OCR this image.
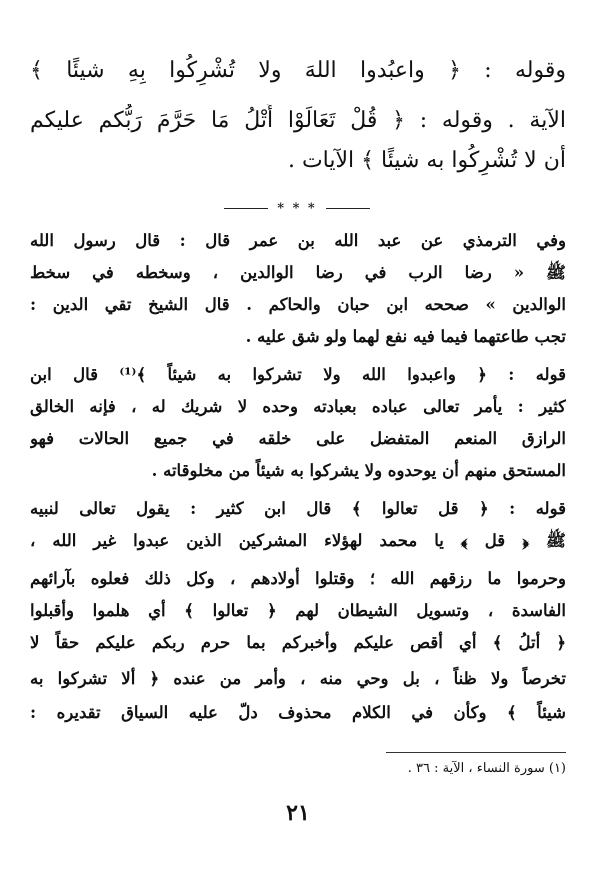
وقوله : ﴿ واعبُدوا اللهَ ولا تُشْرِكُوا بِهِ شيئًا ﴾
الآية . وقوله : ﴿ قُلْ تَعَالَوْا أَتْلُ مَا حَرَّمَ رَبُّكم عليكم
أن لا تُشْرِكُوا به شيئًا ﴾ الآيات .
* * *
وفي الترمذي عن عبد الله بن عمر قال : قال رسول الله
ﷺ « رضا الرب في رضا الوالدين ، وسخطه في سخط
الوالدين » صححه ابن حبان والحاكم . قال الشيخ تقي الدين :
تجب طاعتهما فيما فيه نفع لهما ولو شق عليه .
قوله : ﴿ واعبدوا الله ولا تشركوا به شيئاً ﴾⁽¹⁾ قال ابن
كثير : يأمر تعالى عباده بعبادته وحده لا شريك له ، فإنه الخالق
الرازق المنعم المتفضل على خلقه في جميع الحالات فهو
المستحق منهم أن يوحدوه ولا يشركوا به شيئاً من مخلوقاته .
قوله : ﴿ قل تعالوا ﴾ قال ابن كثير : يقول تعالى لنبيه
ﷺ ﴿ قل ﴾ يا محمد لهؤلاء المشركين الذين عبدوا غير الله ،
وحرموا ما رزقهم الله ؛ وقتلوا أولادهم ، وكل ذلك فعلوه بآرائهم
الفاسدة ، وتسويل الشيطان لهم ﴿ تعالوا ﴾ أي هلموا وأقبلوا
﴿ أتلُ ﴾ أي أقص عليكم وأخبركم بما حرم ربكم عليكم حقاً لا
تخرصاً ولا ظناً ، بل وحي منه ، وأمر من عنده ﴿ ألا تشركوا به
شيئاً ﴾ وكأن في الكلام محذوف دلّ عليه السياق تقديره :
(١) سورة النساء ، الآية : ٣٦ .
٢١
